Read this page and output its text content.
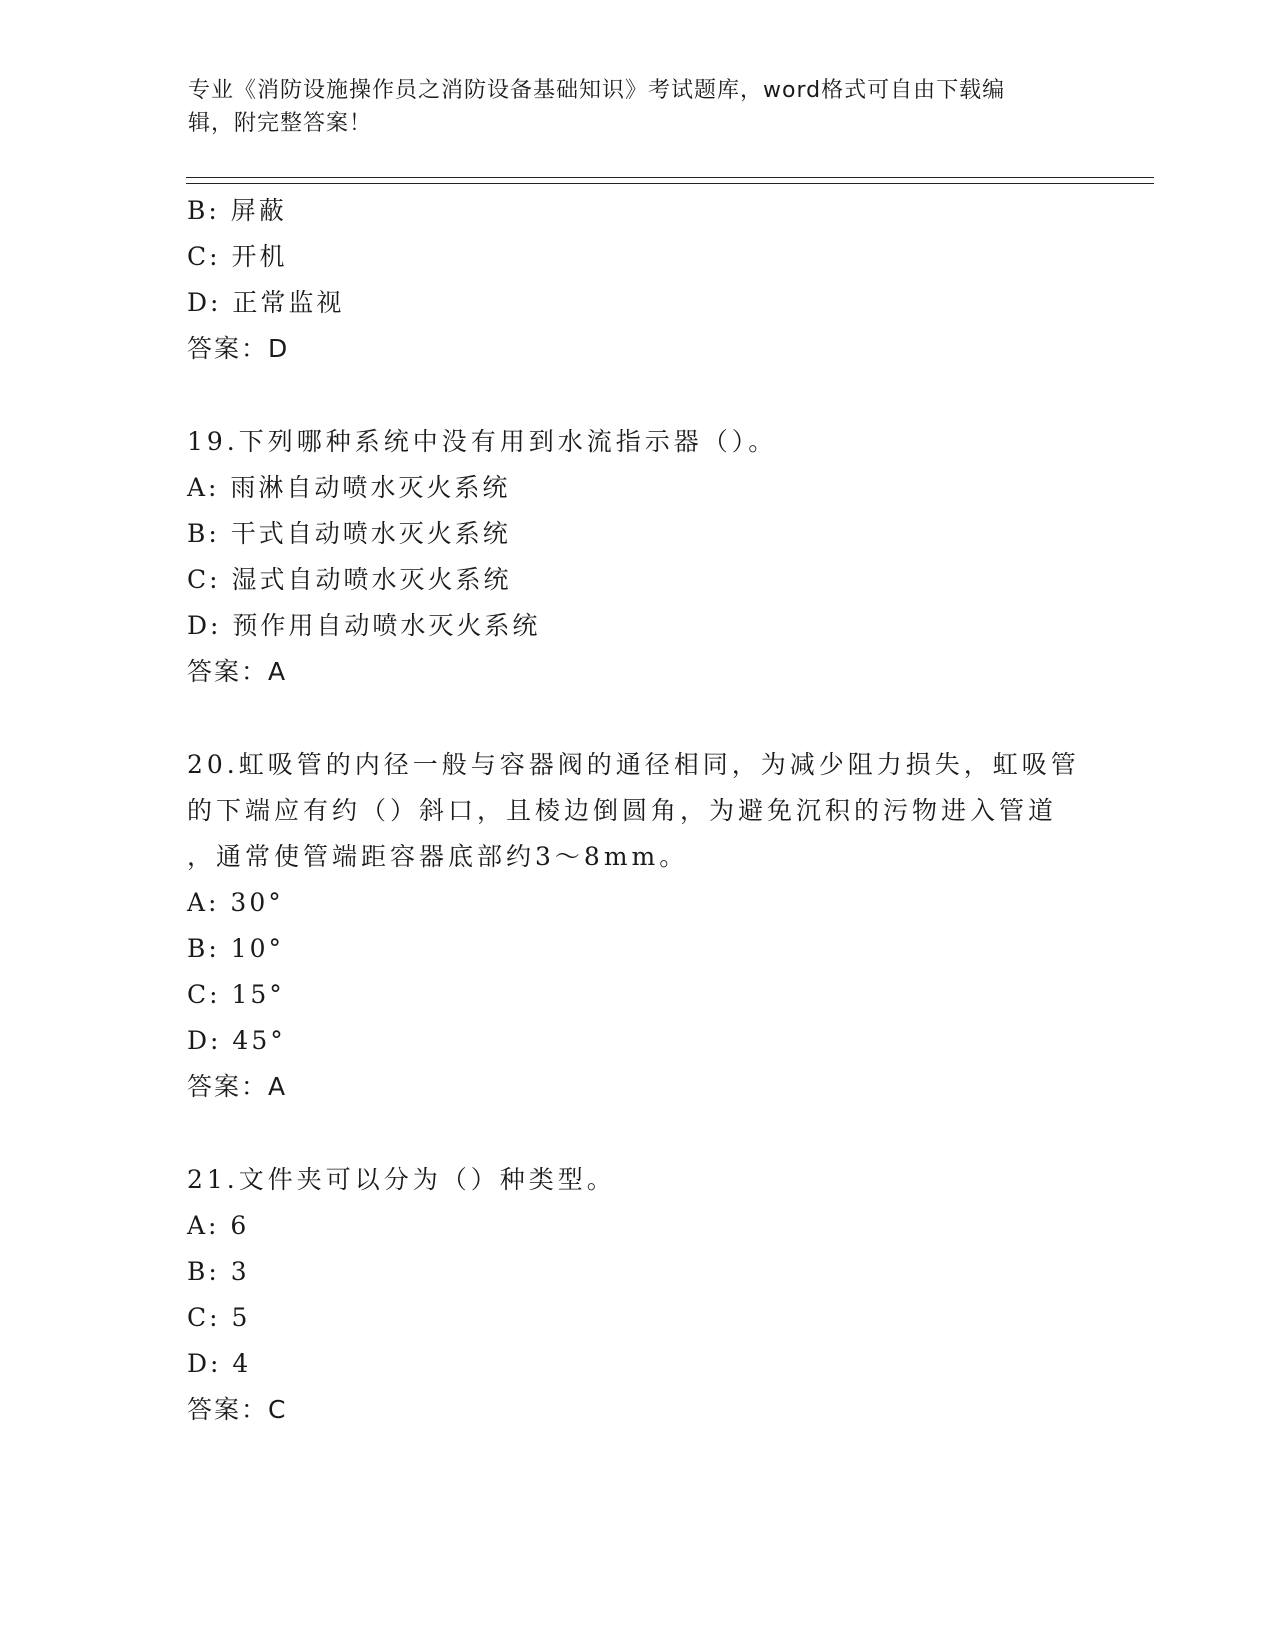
专业《消防设施操作员之消防设备基础知识》考试题库，word格式可自由下载编
辑，附完整答案！
B: 屏蔽
C: 开机
D: 正常监视
答案：D
19.下列哪种系统中没有用到水流指示器（）。
A: 雨淋自动喷水灭火系统
B: 干式自动喷水灭火系统
C: 湿式自动喷水灭火系统
D: 预作用自动喷水灭火系统
答案：A
20.虹吸管的内径一般与容器阀的通径相同，为减少阻力损失，虹吸管
的下端应有约（）斜口，且棱边倒圆角，为避免沉积的污物进入管道
，通常使管端距容器底部约3～8mm。
A: 30°
B: 10°
C: 15°
D: 45°
答案：A
21.文件夹可以分为（）种类型。
A: 6
B: 3
C: 5
D: 4
答案：C
